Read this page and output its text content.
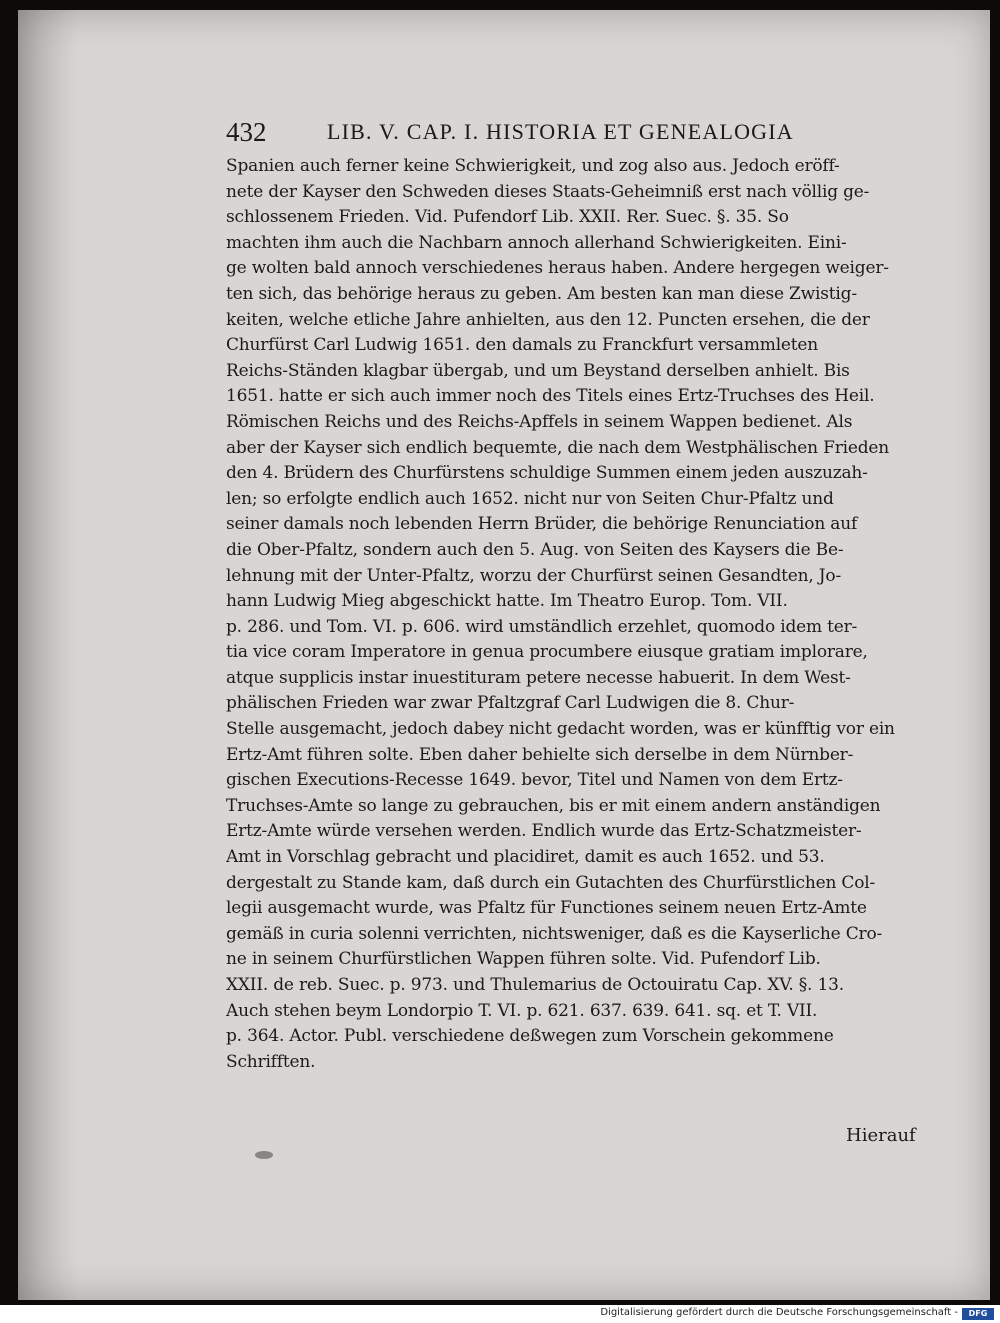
432	LIB. V. CAP. I. HISTORIA ET GENEALOGIA
Spanien auch ferner keine Schwierigkeit, und zog also aus. Jedoch eröff-
nete der Kayser den Schweden dieses Staats-Geheimniß erst nach völlig ge-
schlossenem Frieden. Vid. Pufendorf Lib. XXII. Rer. Suec. §. 35. So
machten ihm auch die Nachbarn annoch allerhand Schwierigkeiten. Eini-
ge wolten bald annoch verschiedenes heraus haben. Andere hergegen weiger-
ten sich, das behörige heraus zu geben. Am besten kan man diese Zwistig-
keiten, welche etliche Jahre anhielten, aus den 12. Puncten ersehen, die der
Churfürst Carl Ludwig 1651. den damals zu Franckfurt versammleten
Reichs-Ständen klagbar übergab, und um Beystand derselben anhielt. Bis
1651. hatte er sich auch immer noch des Titels eines Ertz-Truchses des Heil.
Römischen Reichs und des Reichs-Apffels in seinem Wappen bedienet. Als
aber der Kayser sich endlich bequemte, die nach dem Westphälischen Frieden
den 4. Brüdern des Churfürstens schuldige Summen einem jeden auszuzah-
len; so erfolgte endlich auch 1652. nicht nur von Seiten Chur-Pfaltz und
seiner damals noch lebenden Herrn Brüder, die behörige Renunciation auf
die Ober-Pfaltz, sondern auch den 5. Aug. von Seiten des Kaysers die Be-
lehnung mit der Unter-Pfaltz, worzu der Churfürst seinen Gesandten, Jo-
hann Ludwig Mieg abgeschickt hatte. Im Theatro Europ. Tom. VII.
p. 286. und Tom. VI. p. 606. wird umständlich erzehlet, quomodo idem ter-
tia vice coram Imperatore in genua procumbere eiusque gratiam implorare,
atque supplicis instar inuestituram petere necesse habuerit. In dem West-
phälischen Frieden war zwar Pfaltzgraf Carl Ludwigen die 8. Chur-
Stelle ausgemacht, jedoch dabey nicht gedacht worden, was er künfftig vor ein
Ertz-Amt führen solte. Eben daher behielte sich derselbe in dem Nürnber-
gischen Executions-Recesse 1649. bevor, Titel und Namen von dem Ertz-
Truchses-Amte so lange zu gebrauchen, bis er mit einem andern anständigen
Ertz-Amte würde versehen werden. Endlich wurde das Ertz-Schatzmeister-
Amt in Vorschlag gebracht und placidiret, damit es auch 1652. und 53.
dergestalt zu Stande kam, daß durch ein Gutachten des Churfürstlichen Col-
legii ausgemacht wurde, was Pfaltz für Functiones seinem neuen Ertz-Amte
gemäß in curia solenni verrichten, nichtsweniger, daß es die Kayserliche Cro-
ne in seinem Churfürstlichen Wappen führen solte. Vid. Pufendorf Lib.
XXII. de reb. Suec. p. 973. und Thulemarius de Octouiratu Cap. XV. §. 13.
Auch stehen beym Londorpio T. VI. p. 621. 637. 639. 641. sq. et T. VII.
p. 364. Actor. Publ. verschiedene deßwegen zum Vorschein gekommene
Schrifften.
Hierauf
Digitalisierung gefördert durch die Deutsche Forschungsgemeinschaft -	DFG
